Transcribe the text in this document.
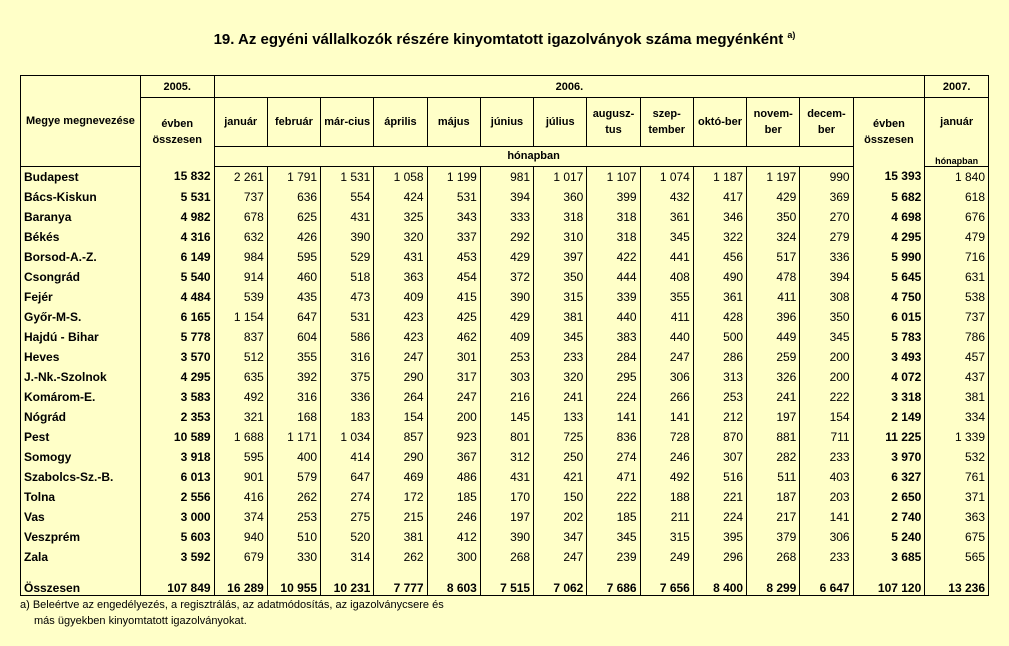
19. Az egyéni vállalkozók részére kinyomtatott igazolványok száma megyénként $^{a)}$
Megye megnevezése	2005.	2006.													2007.
	évben összesen	január	február	már-cius	április	május	június	július	augusz-tus	szep-tember	októ-ber	novem-ber	decem-ber	évben összesen	január
		hónapban													hónapban
Budapest	15 832	2 261	1 791	1 531	1 058	1 199	981	1 017	1 107	1 074	1 187	1 197	990	15 393	1 840
Bács-Kiskun	5 531	737	636	554	424	531	394	360	399	432	417	429	369	5 682	618
Baranya	4 982	678	625	431	325	343	333	318	318	361	346	350	270	4 698	676
Békés	4 316	632	426	390	320	337	292	310	318	345	322	324	279	4 295	479
Borsod-A.-Z.	6 149	984	595	529	431	453	429	397	422	441	456	517	336	5 990	716
Csongrád	5 540	914	460	518	363	454	372	350	444	408	490	478	394	5 645	631
Fejér	4 484	539	435	473	409	415	390	315	339	355	361	411	308	4 750	538
Győr-M-S.	6 165	1 154	647	531	423	425	429	381	440	411	428	396	350	6 015	737
Hajdú - Bihar	5 778	837	604	586	423	462	409	345	383	440	500	449	345	5 783	786
Heves	3 570	512	355	316	247	301	253	233	284	247	286	259	200	3 493	457
J.-Nk.-Szolnok	4 295	635	392	375	290	317	303	320	295	306	313	326	200	4 072	437
Komárom-E.	3 583	492	316	336	264	247	216	241	224	266	253	241	222	3 318	381
Nógrád	2 353	321	168	183	154	200	145	133	141	141	212	197	154	2 149	334
Pest	10 589	1 688	1 171	1 034	857	923	801	725	836	728	870	881	711	11 225	1 339
Somogy	3 918	595	400	414	290	367	312	250	274	246	307	282	233	3 970	532
Szabolcs-Sz.-B.	6 013	901	579	647	469	486	431	421	471	492	516	511	403	6 327	761
Tolna	2 556	416	262	274	172	185	170	150	222	188	221	187	203	2 650	371
Vas	3 000	374	253	275	215	246	197	202	185	211	224	217	141	2 740	363
Veszprém	5 603	940	510	520	381	412	390	347	345	315	395	379	306	5 240	675
Zala	3 592	679	330	314	262	300	268	247	239	249	296	268	233	3 685	565

Összesen	107 849	16 289	10 955	10 231	7 777	8 603	7 515	7 062	7 686	7 656	8 400	8 299	6 647	107 120	13 236
a) Beleértve az engedélyezés, a regisztrálás, az adatmódosítás, az igazolványcsere és
más ügyekben kinyomtatott igazolványokat.
